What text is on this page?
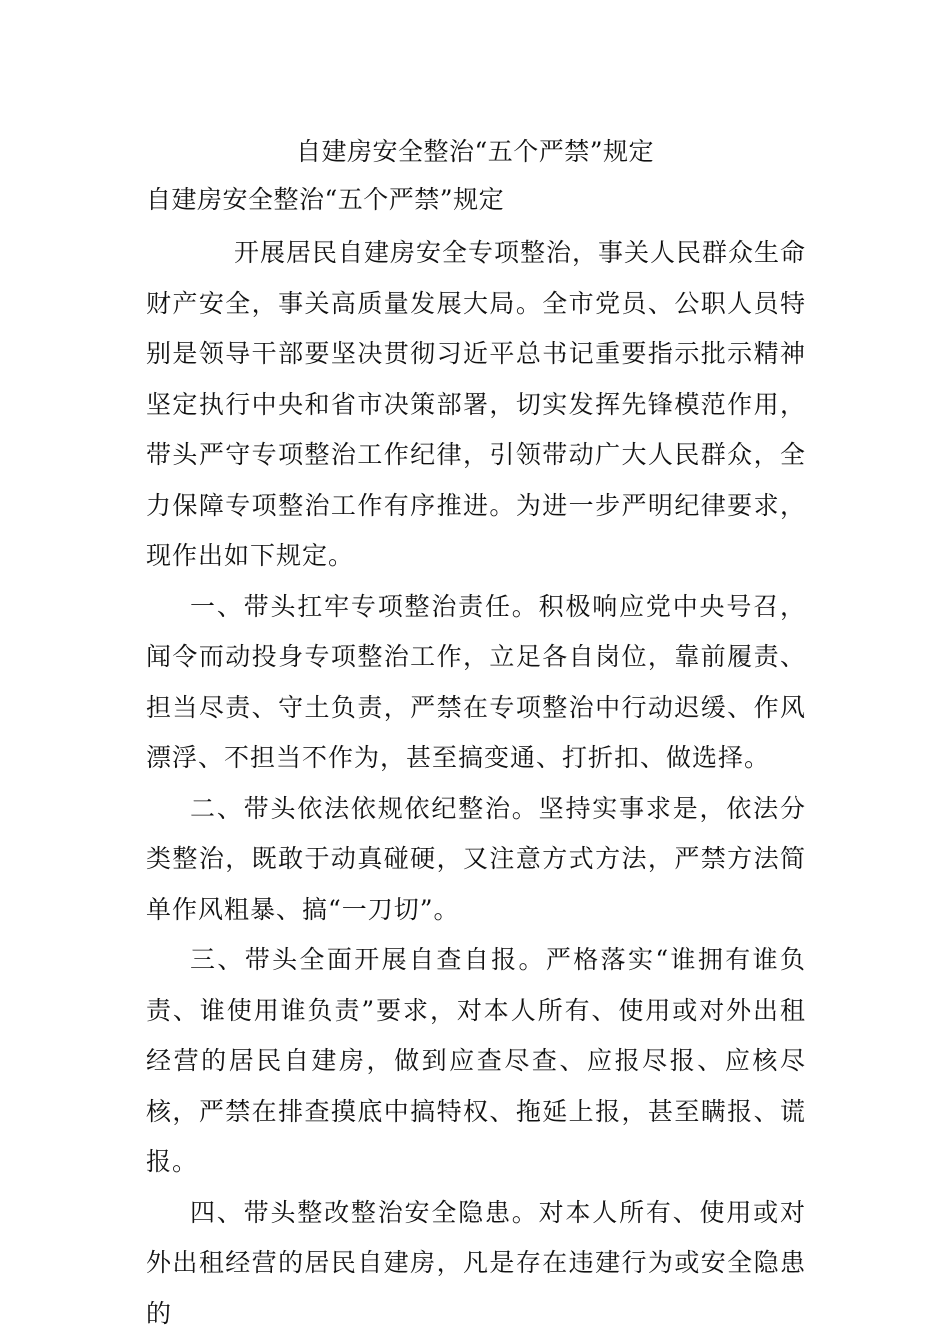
自建房安全整治“五个严禁”规定
自建房安全整治“五个严禁”规定

开展居民自建房安全专项整治，事关人民群众生命财产安全，事关高质量发展大局。全市党员、公职人员特别是领导干部要坚决贯彻习近平总书记重要指示批示精神坚定执行中央和省市决策部署，切实发挥先锋模范作用，带头严守专项整治工作纪律，引领带动广大人民群众，全力保障专项整治工作有序推进。为进一步严明纪律要求，现作出如下规定。

一、带头扛牢专项整治责任。积极响应党中央号召，闻令而动投身专项整治工作，立足各自岗位，靠前履责、担当尽责、守土负责，严禁在专项整治中行动迟缓、作风漂浮、不担当不作为，甚至搞变通、打折扣、做选择。

二、带头依法依规依纪整治。坚持实事求是，依法分类整治，既敢于动真碰硬，又注意方式方法，严禁方法简单作风粗暴、搞“一刀切”。

三、带头全面开展自查自报。严格落实“谁拥有谁负责、谁使用谁负责”要求，对本人所有、使用或对外出租经营的居民自建房，做到应查尽查、应报尽报、应核尽核，严禁在排查摸底中搞特权、拖延上报，甚至瞒报、谎报。

四、带头整改整治安全隐患。对本人所有、使用或对外出租经营的居民自建房，凡是存在违建行为或安全隐患的
